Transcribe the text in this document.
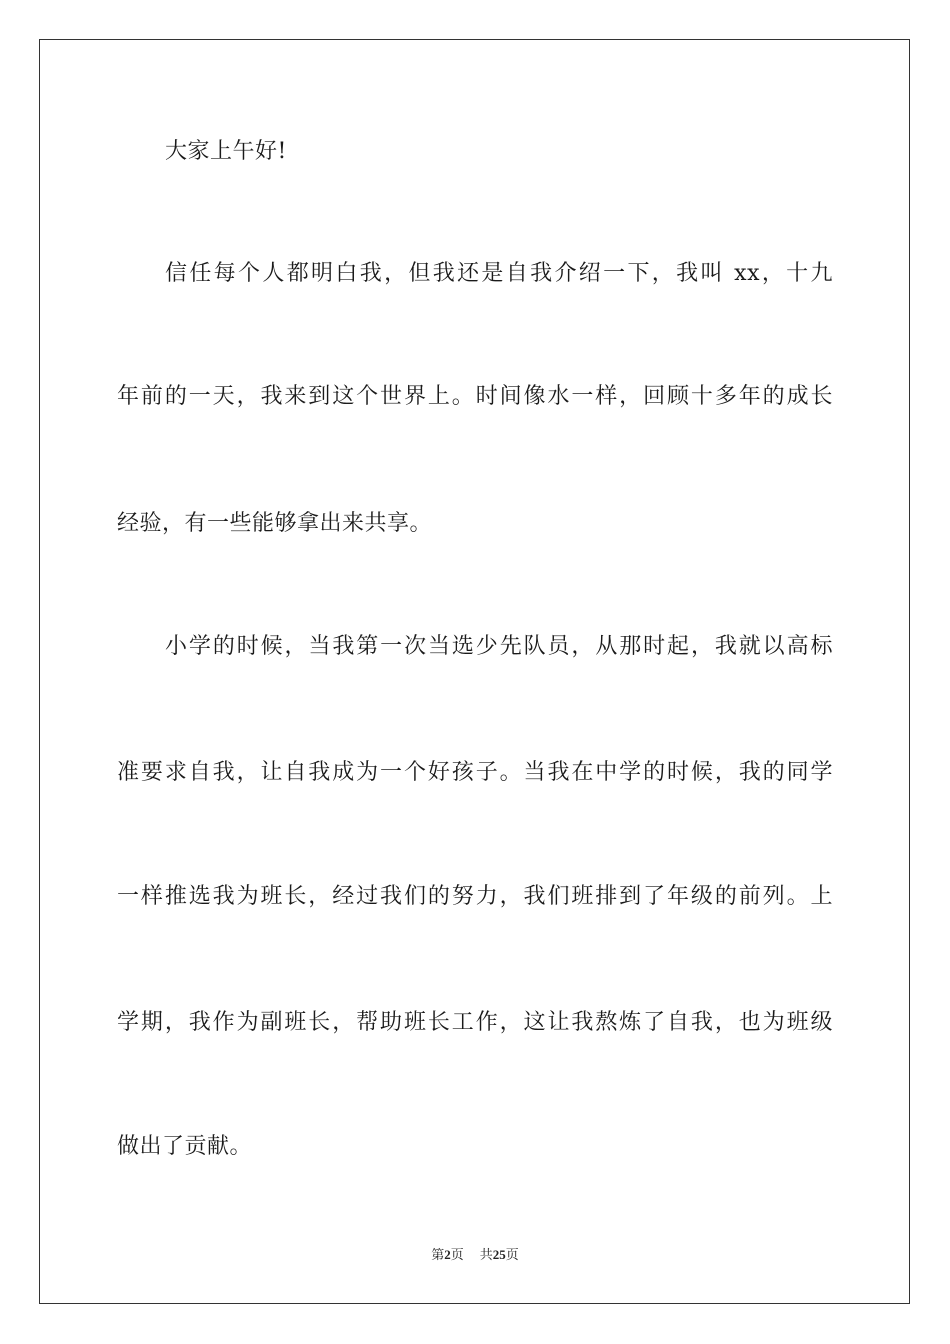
大家上午好!
信任每个人都明白我，但我还是自我介绍一下，我叫 xx，十九
年前的一天，我来到这个世界上。时间像水一样，回顾十多年的成长
经验，有一些能够拿出来共享。
小学的时候，当我第一次当选少先队员，从那时起，我就以高标
准要求自我，让自我成为一个好孩子。当我在中学的时候，我的同学
一样推选我为班长，经过我们的努力，我们班排到了年级的前列。上
学期，我作为副班长，帮助班长工作，这让我熬炼了自我，也为班级
做出了贡献。
第2页 共25页
